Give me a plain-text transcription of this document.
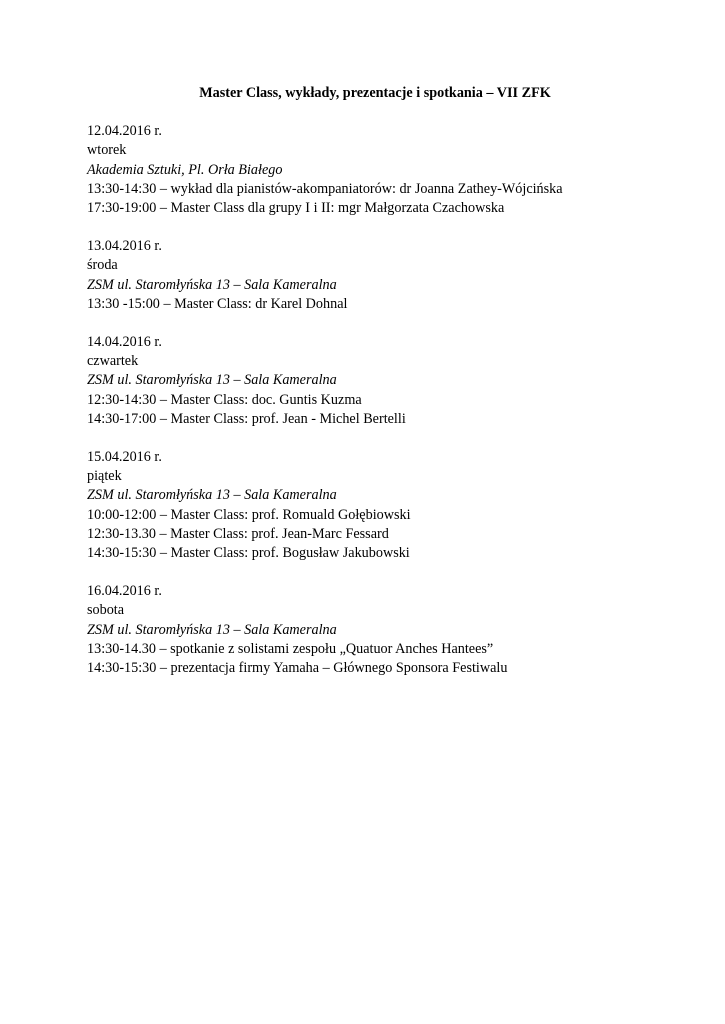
Master Class, wykłady, prezentacje i spotkania – VII ZFK
12.04.2016 r.
wtorek
Akademia Sztuki, Pl. Orła Białego
13:30-14:30 – wykład dla pianistów-akompaniatorów: dr Joanna Zathey-Wójcińska
17:30-19:00 – Master Class dla grupy I i II: mgr Małgorzata Czachowska
13.04.2016 r.
środa
ZSM ul. Staromłyńska 13 – Sala Kameralna
13:30 -15:00 – Master Class: dr Karel Dohnal
14.04.2016 r.
czwartek
ZSM ul. Staromłyńska 13 – Sala Kameralna
12:30-14:30 – Master Class: doc. Guntis Kuzma
14:30-17:00 – Master Class: prof. Jean - Michel Bertelli
15.04.2016 r.
piątek
ZSM ul. Staromłyńska 13 – Sala Kameralna
10:00-12:00 – Master Class: prof. Romuald Gołębiowski
12:30-13.30 – Master Class: prof. Jean-Marc Fessard
14:30-15:30 – Master Class: prof. Bogusław Jakubowski
16.04.2016 r.
sobota
ZSM ul. Staromłyńska 13 – Sala Kameralna
13:30-14.30 – spotkanie z solistami zespołu „Quatuor Anches Hantees”
14:30-15:30 – prezentacja firmy Yamaha – Głównego Sponsora Festiwalu
